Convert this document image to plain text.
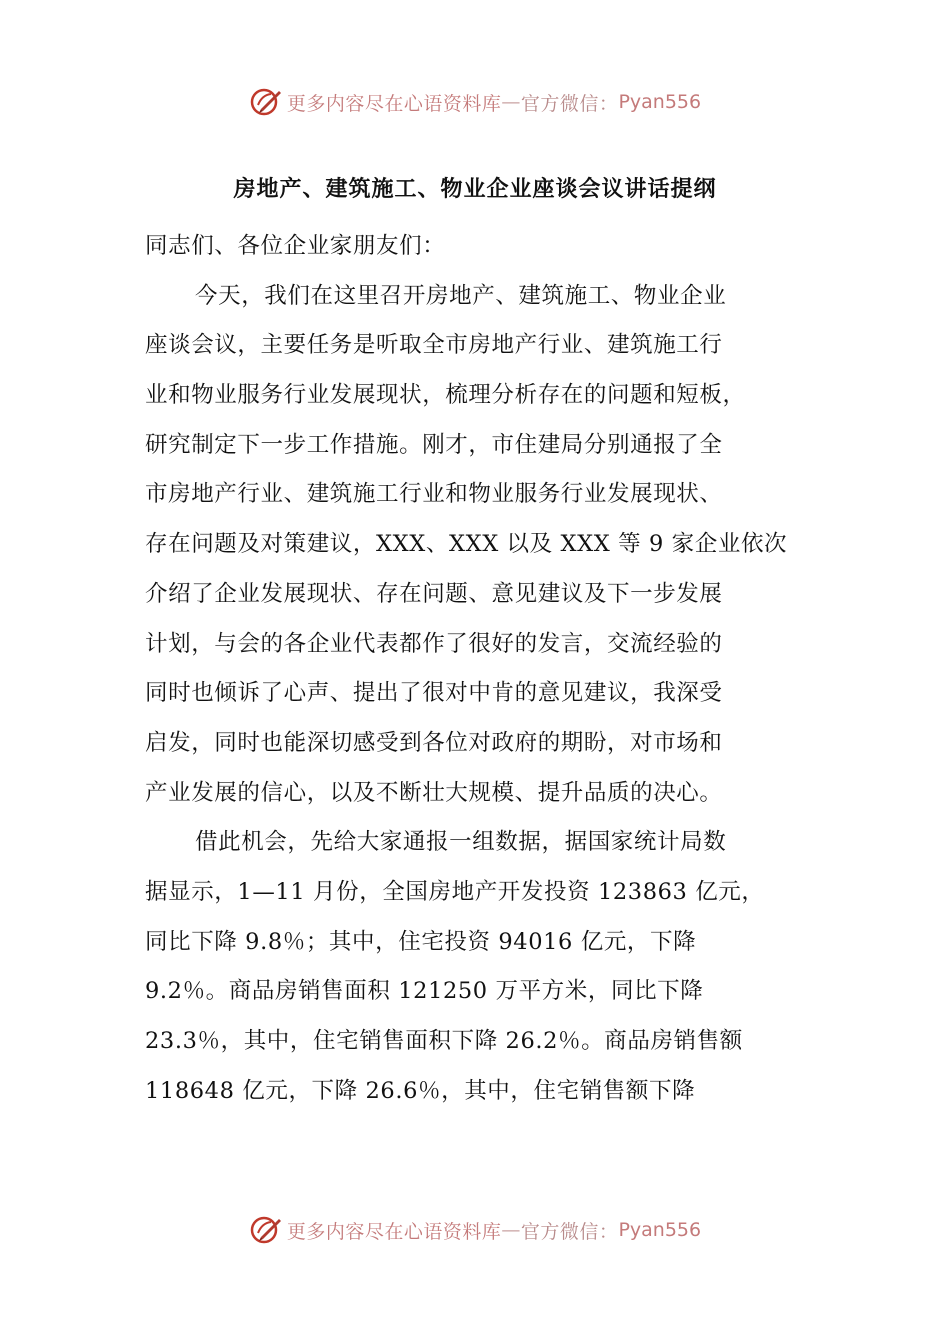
更多内容尽在心语资料库 — 官方微信： Pyan556
房地产、建筑施工、物业企业座谈会议讲话提纲
同志们、各位企业家朋友们：
今天，我们在这里召开房地产、建筑施工、物业企业
座谈会议，主要任务是听取全市房地产行业、建筑施工行
业和物业服务行业发展现状，梳理分析存在的问题和短板，
研究制定下一步工作措施。刚才，市住建局分别通报了全
市房地产行业、建筑施工行业和物业服务行业发展现状、
存在问题及对策建议，XXX、XXX 以及 XXX 等 9 家企业依次
介绍了企业发展现状、存在问题、意见建议及下一步发展
计划，与会的各企业代表都作了很好的发言，交流经验的
同时也倾诉了心声、提出了很对中肯的意见建议，我深受
启发，同时也能深切感受到各位对政府的期盼，对市场和
产业发展的信心，以及不断壮大规模、提升品质的决心。
借此机会，先给大家通报一组数据，据国家统计局数
据显示，1—11 月份，全国房地产开发投资 123863 亿元，
同比下降 9.8％；其中，住宅投资 94016 亿元，下降
9.2％。商品房销售面积 121250 万平方米，同比下降
23.3％，其中，住宅销售面积下降 26.2％。商品房销售额
118648 亿元，下降 26.6％，其中，住宅销售额下降
更多内容尽在心语资料库 — 官方微信： Pyan556
